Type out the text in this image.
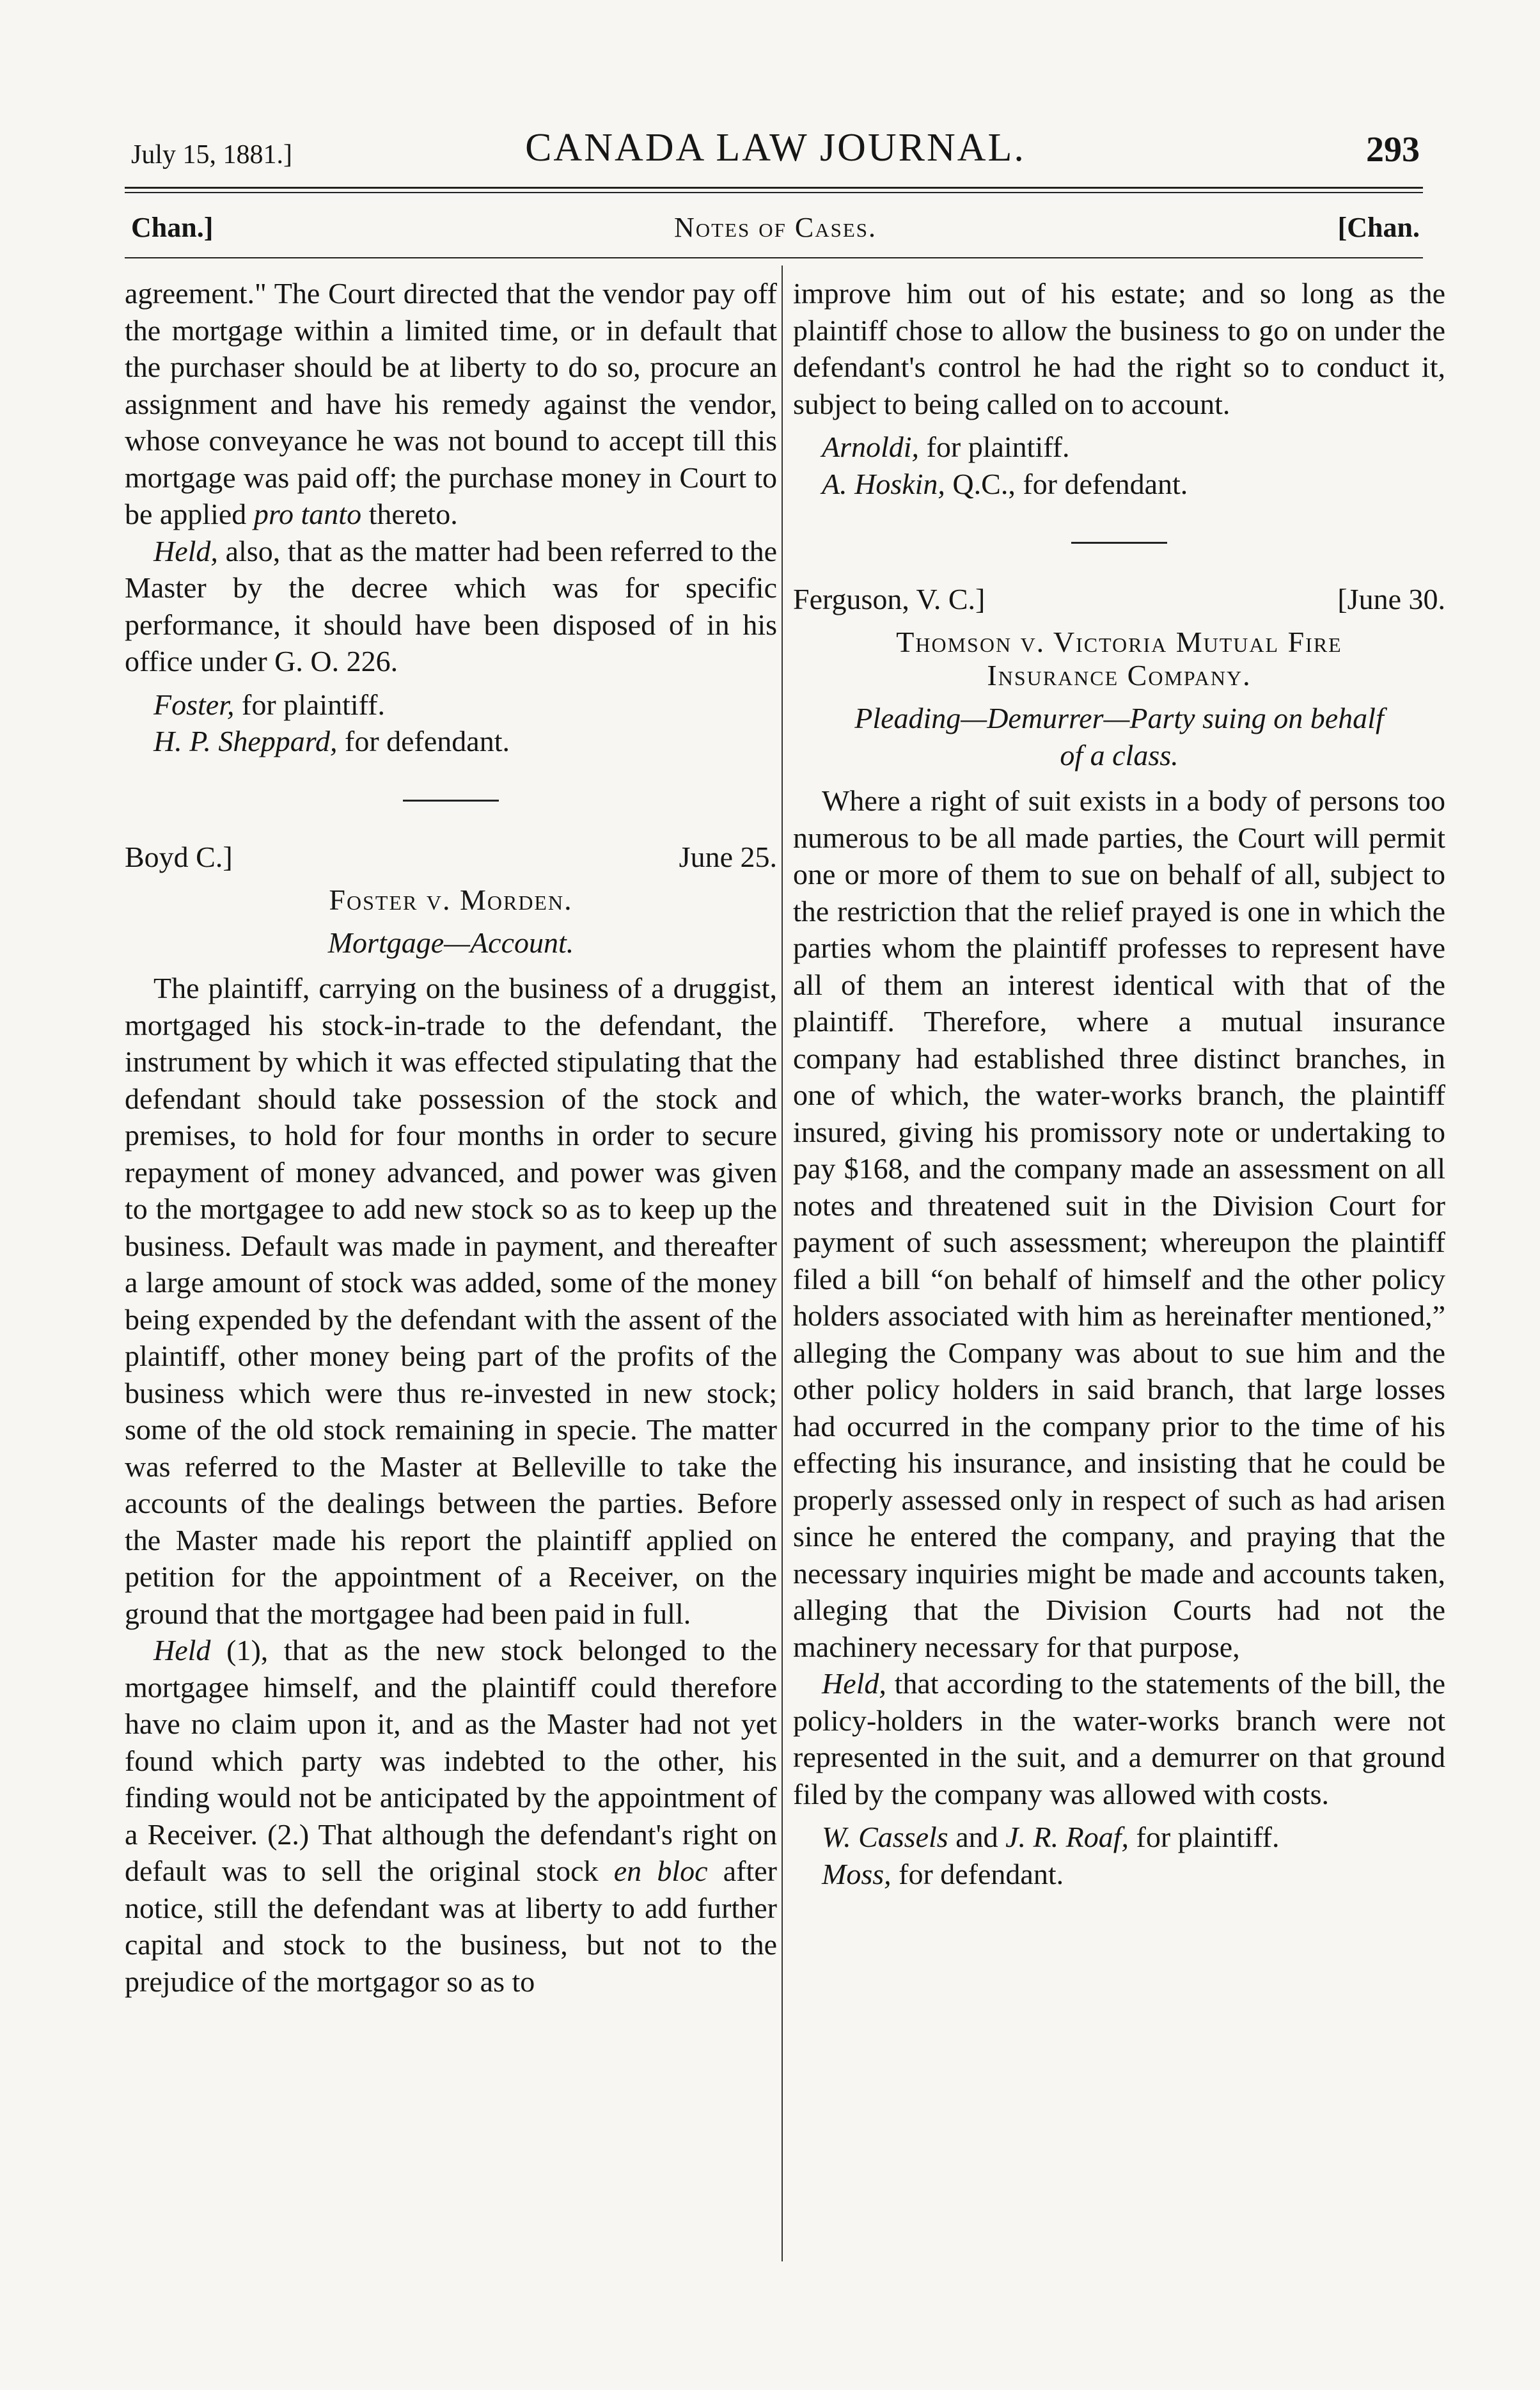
July 15, 1881.]	CANADA LAW JOURNAL.	293
Chan.]	Notes of Cases.	[Chan.

agreement." The Court directed that the vendor pay off the mortgage within a limited time, or in default that the purchaser should be at liberty to do so, procure an assignment and have his remedy against the vendor, whose conveyance he was not bound to accept till this mortgage was paid off; the purchase money in Court to be applied pro tanto thereto.

Held, also, that as the matter had been referred to the Master by the decree which was for specific performance, it should have been disposed of in his office under G. O. 226.

Foster, for plaintiff.

H. P. Sheppard, for defendant.

Boyd C.]	June 25.
Foster v. Morden.
Mortgage—Account.

The plaintiff, carrying on the business of a druggist, mortgaged his stock-in-trade to the defendant, the instrument by which it was effected stipulating that the defendant should take possession of the stock and premises, to hold for four months in order to secure repayment of money advanced, and power was given to the mortgagee to add new stock so as to keep up the business. Default was made in payment, and thereafter a large amount of stock was added, some of the money being expended by the defendant with the assent of the plaintiff, other money being part of the profits of the business which were thus re-invested in new stock; some of the old stock remaining in specie. The matter was referred to the Master at Belleville to take the accounts of the dealings between the parties. Before the Master made his report the plaintiff applied on petition for the appointment of a Receiver, on the ground that the mortgagee had been paid in full.

Held (1), that as the new stock belonged to the mortgagee himself, and the plaintiff could therefore have no claim upon it, and as the Master had not yet found which party was indebted to the other, his finding would not be anticipated by the appointment of a Receiver. (2.) That although the defendant's right on default was to sell the original stock en bloc after notice, still the defendant was at liberty to add further capital and stock to the business, but not to the prejudice of the mortgagor so as to

improve him out of his estate; and so long as the plaintiff chose to allow the business to go on under the defendant's control he had the right so to conduct it, subject to being called on to account.

Arnoldi, for plaintiff.

A. Hoskin, Q.C., for defendant.

Ferguson, V. C.]	[June 30.
Thomson v. Victoria Mutual Fire
Insurance Company.
Pleading—Demurrer—Party suing on behalf
of a class.

Where a right of suit exists in a body of persons too numerous to be all made parties, the Court will permit one or more of them to sue on behalf of all, subject to the restriction that the relief prayed is one in which the parties whom the plaintiff professes to represent have all of them an interest identical with that of the plaintiff. Therefore, where a mutual insurance company had established three distinct branches, in one of which, the water-works branch, the plaintiff insured, giving his promissory note or undertaking to pay $168, and the company made an assessment on all notes and threatened suit in the Division Court for payment of such assessment; whereupon the plaintiff filed a bill “on behalf of himself and the other policy holders associated with him as hereinafter mentioned,” alleging the Company was about to sue him and the other policy holders in said branch, that large losses had occurred in the company prior to the time of his effecting his insurance, and insisting that he could be properly assessed only in respect of such as had arisen since he entered the company, and praying that the necessary inquiries might be made and accounts taken, alleging that the Division Courts had not the machinery necessary for that purpose,

Held, that according to the statements of the bill, the policy-holders in the water-works branch were not represented in the suit, and a demurrer on that ground filed by the company was allowed with costs.

W. Cassels and J. R. Roaf, for plaintiff.

Moss, for defendant.
